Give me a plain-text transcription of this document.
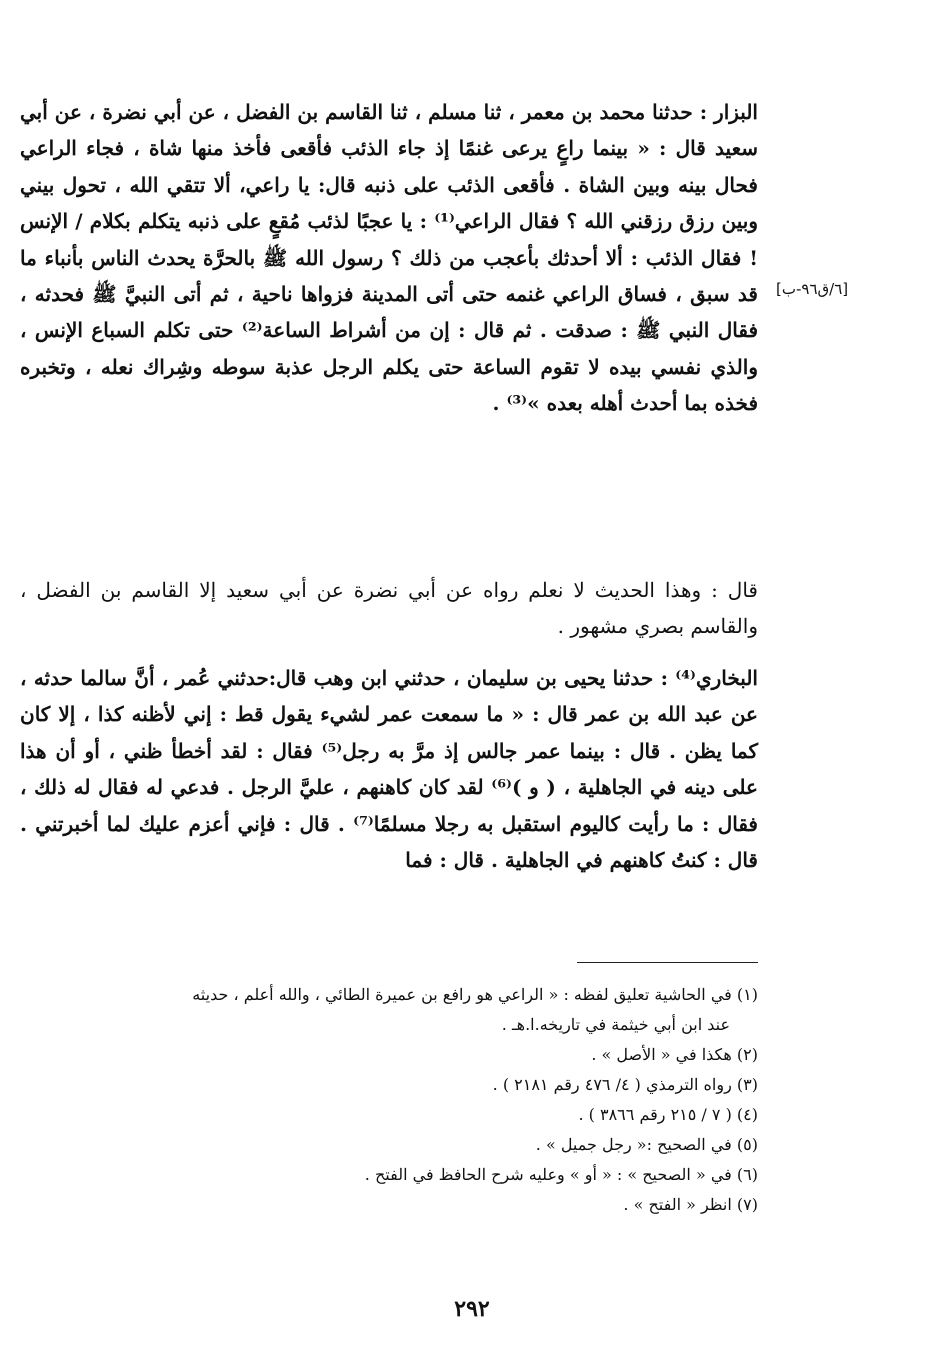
[٦/ق٩٦-ب]

البزار : حدثنا محمد بن معمر ، ثنا مسلم ، ثنا القاسم بن الفضل ، عن أبي نضرة ، عن أبي سعيد قال : « بينما راعٍ يرعى غنمًا إذ جاء الذئب فأقعى فأخذ منها شاة ، فجاء الراعي فحال بينه وبين الشاة . فأقعى الذئب على ذنبه قال: يا راعي، ألا تتقي الله ، تحول بيني وبين رزق رزقني الله ؟ فقال الراعي⁽¹⁾ : يا عجبًا لذئب مُقعٍ على ذنبه يتكلم بكلام / الإنس ! فقال الذئب : ألا أحدثك بأعجب من ذلك ؟ رسول الله ﷺ بالحرَّة يحدث الناس بأنباء ما قد سبق ، فساق الراعي غنمه حتى أتى المدينة فزواها ناحية ، ثم أتى النبيَّ ﷺ فحدثه ، فقال النبي ﷺ : صدقت . ثم قال : إن من أشراط الساعة⁽²⁾ حتى تكلم السباع الإنس ، والذي نفسي بيده لا تقوم الساعة حتى يكلم الرجل عذبة سوطه وشِراك نعله ، وتخبره فخذه بما أحدث أهله بعده »⁽³⁾ .

قال : وهذا الحديث لا نعلم رواه عن أبي نضرة عن أبي سعيد إلا القاسم بن الفضل ، والقاسم بصري مشهور .

البخاري⁽⁴⁾ : حدثنا يحيى بن سليمان ، حدثني ابن وهب قال:حدثني عُمر ، أنَّ سالما حدثه ، عن عبد الله بن عمر قال : « ما سمعت عمر لشيء يقول قط : إني لأظنه كذا ، إلا كان كما يظن . قال : بينما عمر جالس إذ مرَّ به رجل⁽⁵⁾ فقال : لقد أخطأ ظني ، أو أن هذا على دينه في الجاهلية ، ( و )⁽⁶⁾ لقد كان كاهنهم ، عليَّ الرجل . فدعي له فقال له ذلك ، فقال : ما رأيت كاليوم استقبل به رجلا مسلمًا⁽⁷⁾ . قال : فإني أعزم عليك لما أخبرتني . قال : كنتُ كاهنهم في الجاهلية . قال : فما

(١) في الحاشية تعليق لفظه : « الراعي هو رافع بن عميرة الطائي ، والله أعلم ، حديثه

عند ابن أبي خيثمة في تاريخه.ا.هـ .

(٢) هكذا في « الأصل » .

(٣) رواه الترمذي ( ٤/ ٤٧٦ رقم ٢١٨١ ) .

(٤) ( ٧ / ٢١٥ رقم ٣٨٦٦ ) .

(٥) في الصحيح :« رجل جميل » .

(٦) في « الصحيح » : « أو » وعليه شرح الحافظ في الفتح .

(٧) انظر « الفتح » .

٢٩٢
